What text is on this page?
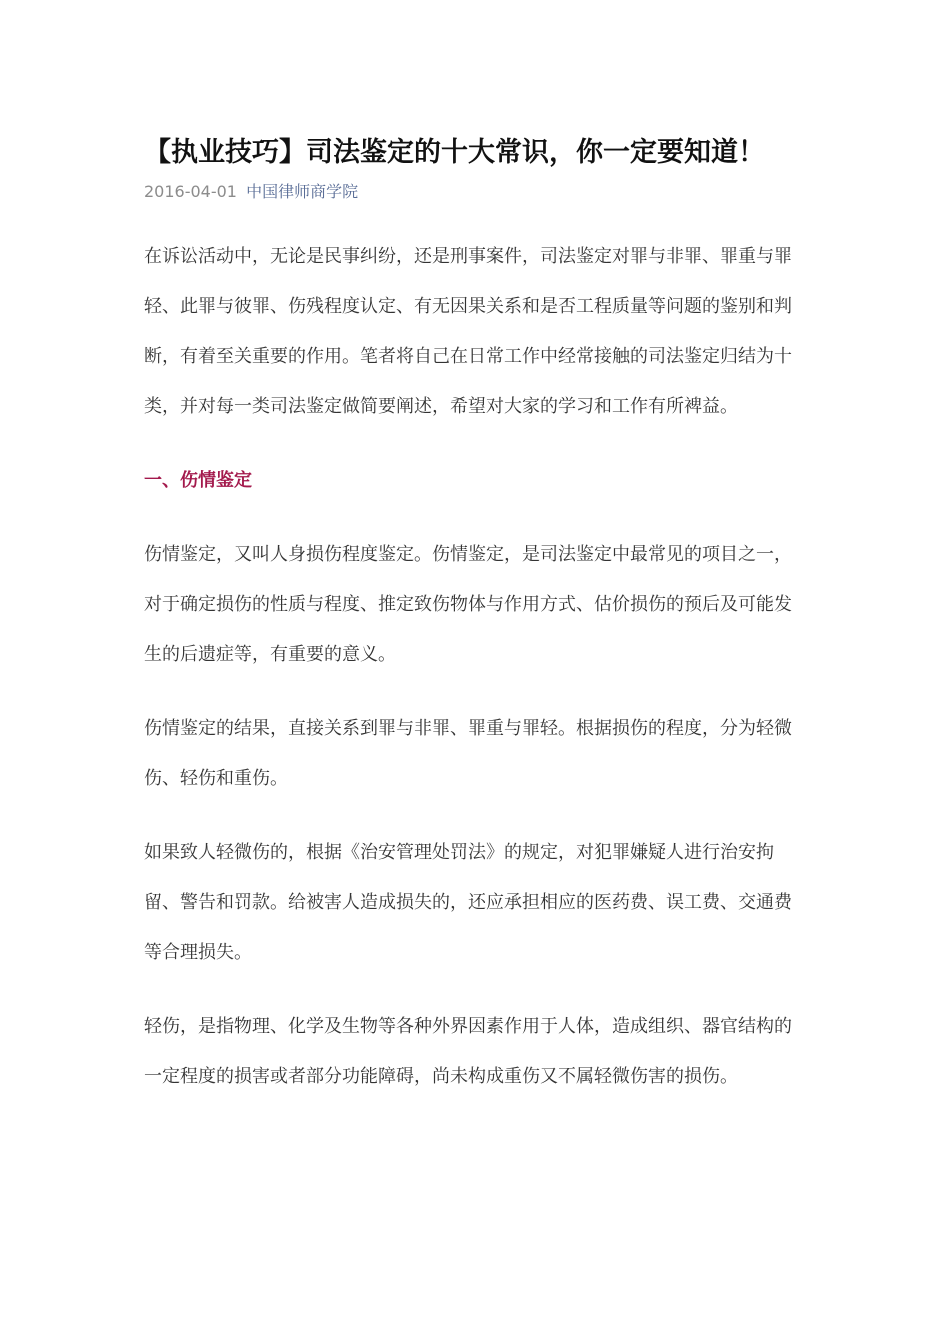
【执业技巧】司法鉴定的十大常识，你一定要知道！
2016-04-01 中国律师商学院

在诉讼活动中，无论是民事纠纷，还是刑事案件，司法鉴定对罪与非罪、罪重与罪轻、此罪与彼罪、伤残程度认定、有无因果关系和是否工程质量等问题的鉴别和判断，有着至关重要的作用。笔者将自己在日常工作中经常接触的司法鉴定归结为十类，并对每一类司法鉴定做简要阐述，希望对大家的学习和工作有所裨益。

一、伤情鉴定

伤情鉴定，又叫人身损伤程度鉴定。伤情鉴定，是司法鉴定中最常见的项目之一，对于确定损伤的性质与程度、推定致伤物体与作用方式、估价损伤的预后及可能发生的后遗症等，有重要的意义。

伤情鉴定的结果，直接关系到罪与非罪、罪重与罪轻。根据损伤的程度，分为轻微伤、轻伤和重伤。

如果致人轻微伤的，根据《治安管理处罚法》的规定，对犯罪嫌疑人进行治安拘留、警告和罚款。给被害人造成损失的，还应承担相应的医药费、误工费、交通费等合理损失。

轻伤，是指物理、化学及生物等各种外界因素作用于人体，造成组织、器官结构的一定程度的损害或者部分功能障碍，尚未构成重伤又不属轻微伤害的损伤。
